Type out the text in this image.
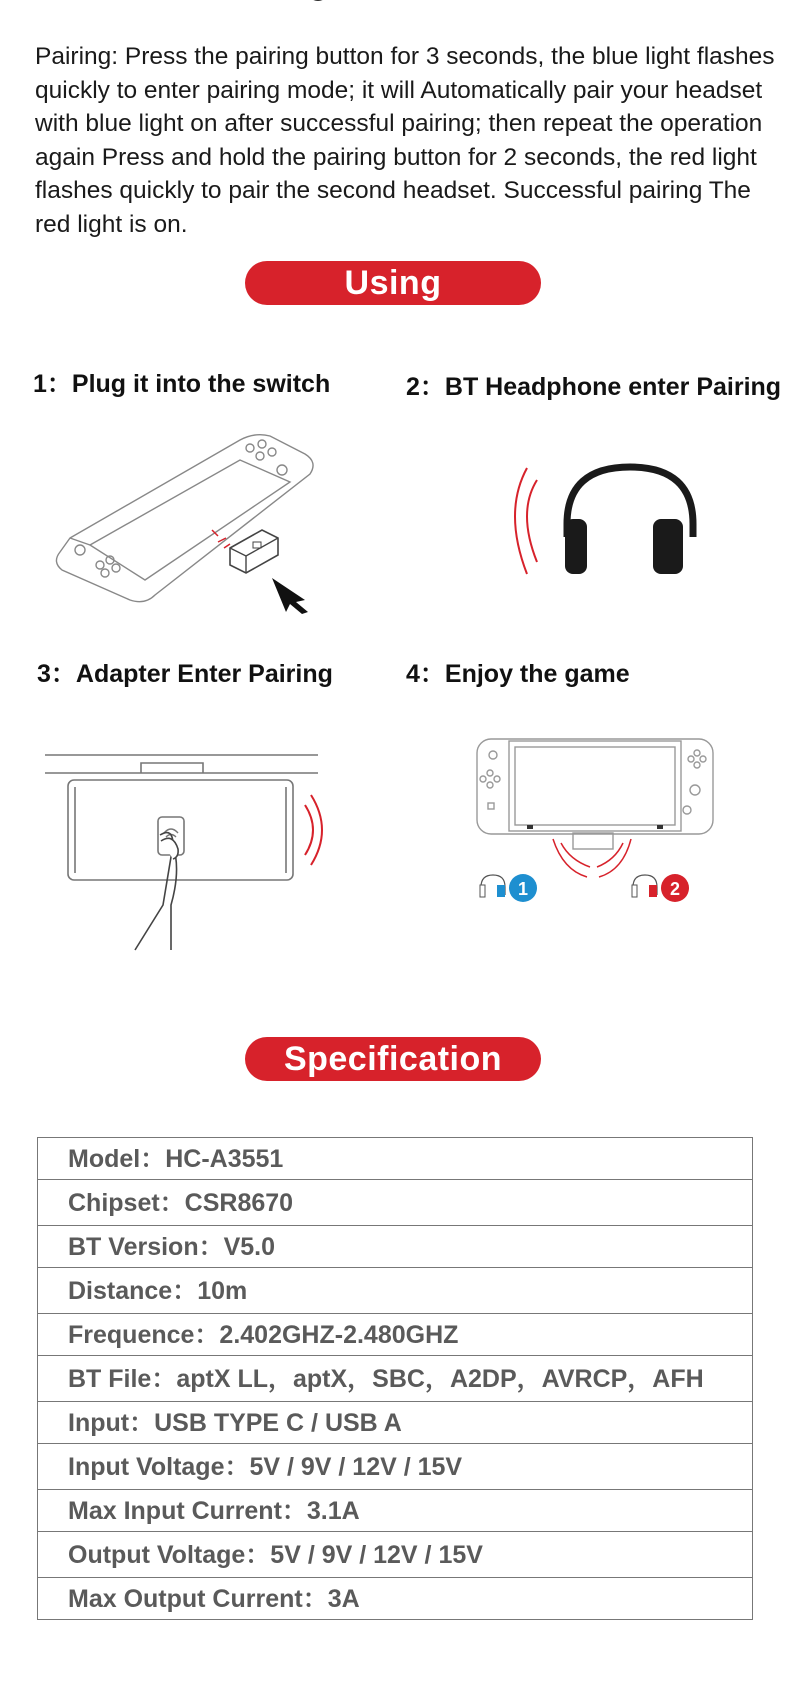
Pairing: Press the pairing button for 3 seconds, the blue light flashes quickly to enter pairing mode; it will Automatically pair your headset with blue light on after successful pairing; then repeat the operation again Press and hold the pairing button for 2 seconds, the red light flashes quickly to pair the second headset. Successful pairing The red light is on.

Using
1：Plug it into the switch	2：BT Headphone enter Pairing
3：Adapter Enter Pairing	4：Enjoy the game
1	2
Specification
Model：HC-A3551
Chipset：CSR8670
BT Version：V5.0
Distance：10m
Frequence：2.402GHZ-2.480GHZ
BT File：aptX LL，aptX，SBC，A2DP，AVRCP，AFH
Input：USB TYPE C / USB A
Input Voltage：5V / 9V / 12V / 15V
Max Input Current：3.1A
Output Voltage：5V / 9V / 12V / 15V
Max Output Current：3A
